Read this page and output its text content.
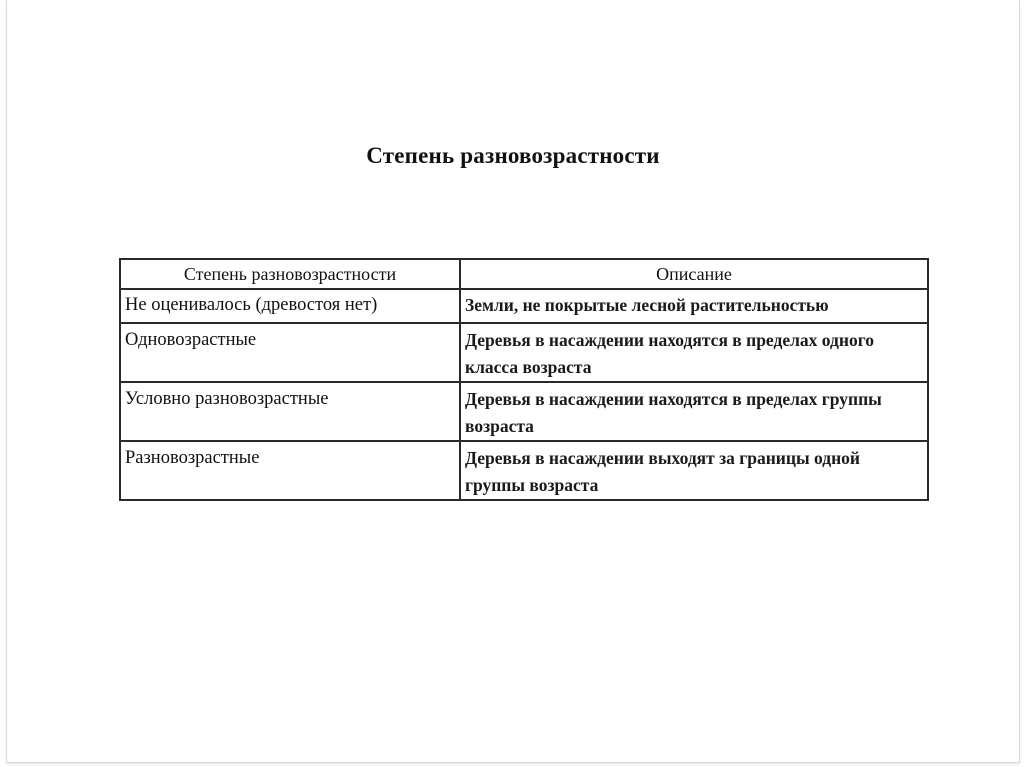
Степень разновозрастности
Степень разновозрастности	Описание
Не оценивалось (древостоя нет)	Земли, не покрытые лесной растительностью
Одновозрастные	Деревья в насаждении находятся в пределах одного класса возраста
Условно разновозрастные	Деревья в насаждении находятся в пределах группы возраста
Разновозрастные	Деревья в насаждении выходят за границы одной группы возраста
